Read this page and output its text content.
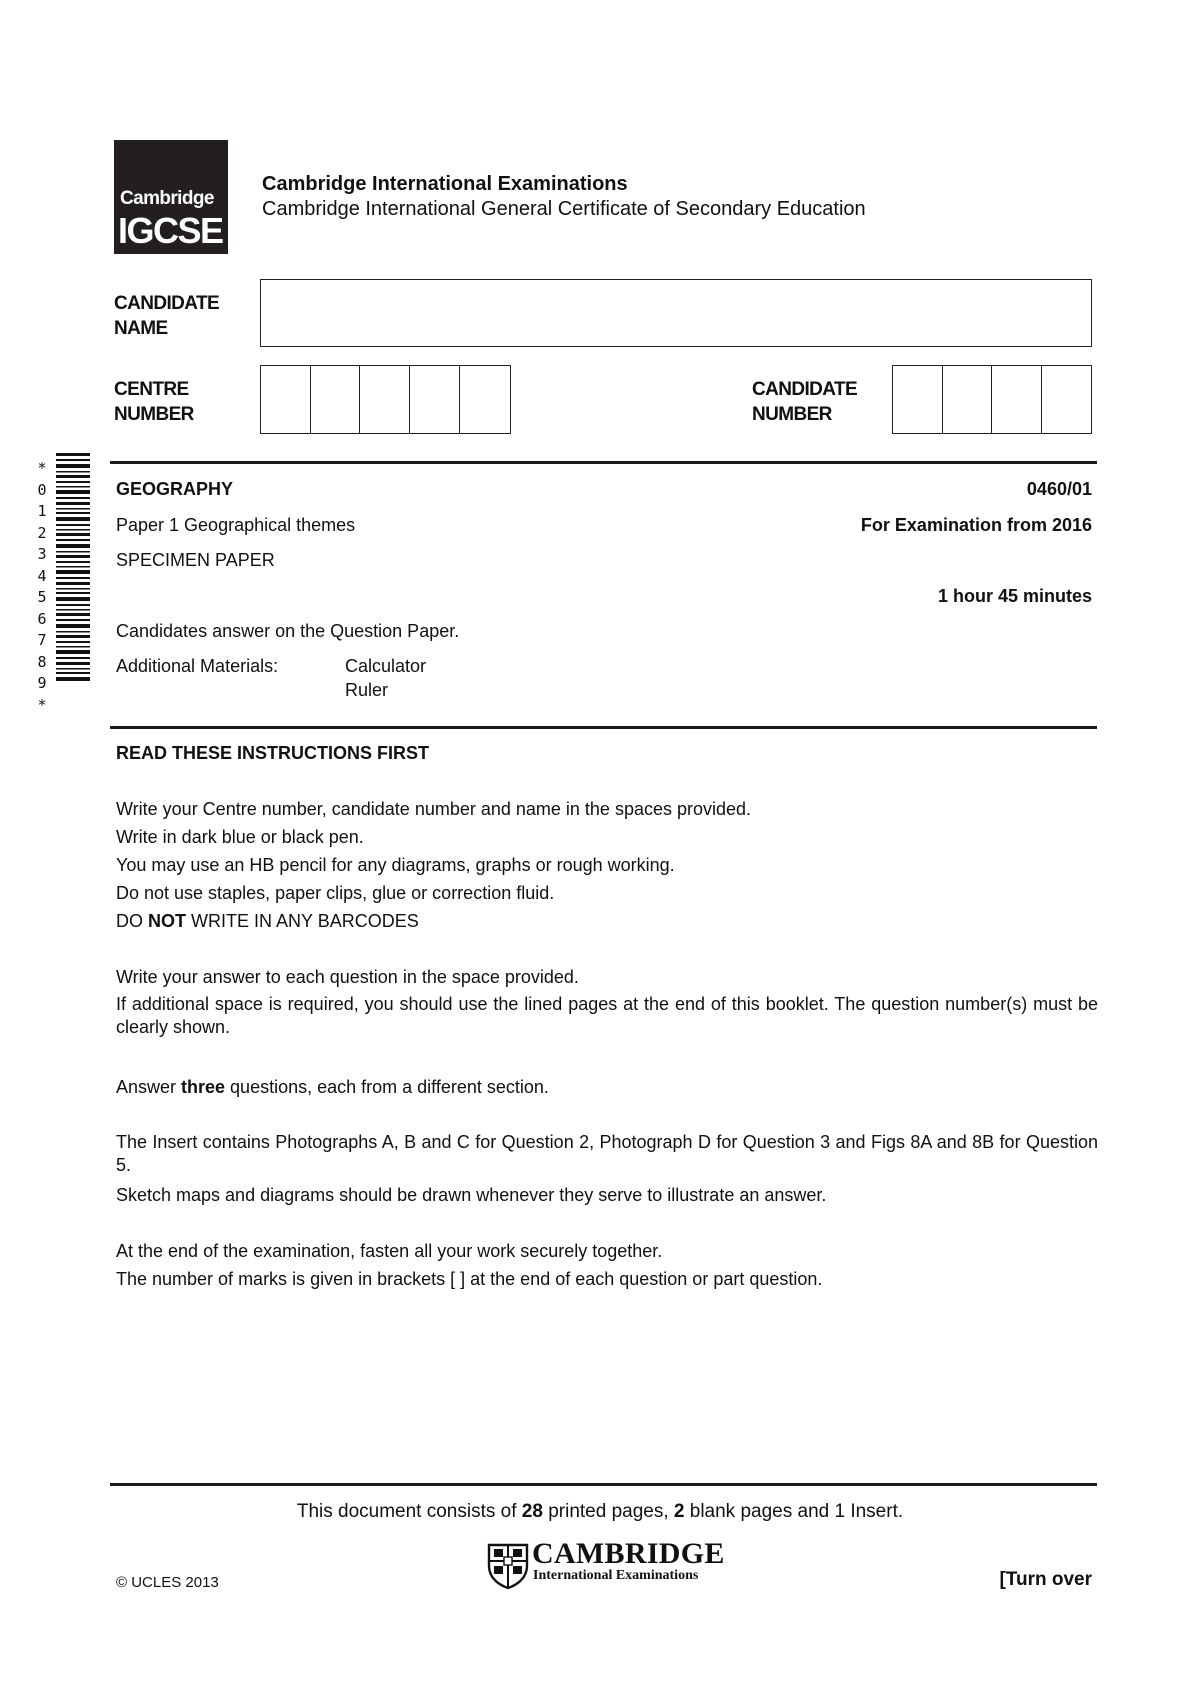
Cambridge
IGCSE
Cambridge International Examinations
Cambridge International General Certificate of Secondary Education
CANDIDATE
NAME
CENTRE
NUMBER
CANDIDATE
NUMBER
*
0
1
2
3
4
5
6
7
8
9
*
GEOGRAPHY	0460/01
Paper 1 Geographical themes	For Examination from 2016
SPECIMEN PAPER
1 hour 45 minutes
Candidates answer on the Question Paper.
Additional Materials:	Calculator
Ruler
READ THESE INSTRUCTIONS FIRST
Write your Centre number, candidate number and name in the spaces provided.
Write in dark blue or black pen.
You may use an HB pencil for any diagrams, graphs or rough working.
Do not use staples, paper clips, glue or correction fluid.
DO NOT WRITE IN ANY BARCODES
Write your answer to each question in the space provided.
If additional space is required, you should use the lined pages at the end of this booklet. The question number(s) must be clearly shown.
Answer three questions, each from a different section.
The Insert contains Photographs A, B and C for Question 2, Photograph D for Question 3 and Figs 8A and 8B for Question 5.
Sketch maps and diagrams should be drawn whenever they serve to illustrate an answer.
At the end of the examination, fasten all your work securely together.
The number of marks is given in brackets [ ] at the end of each question or part question.
This document consists of 28 printed pages, 2 blank pages and 1 Insert.
© UCLES 2013
CAMBRIDGE
International Examinations	[Turn over
